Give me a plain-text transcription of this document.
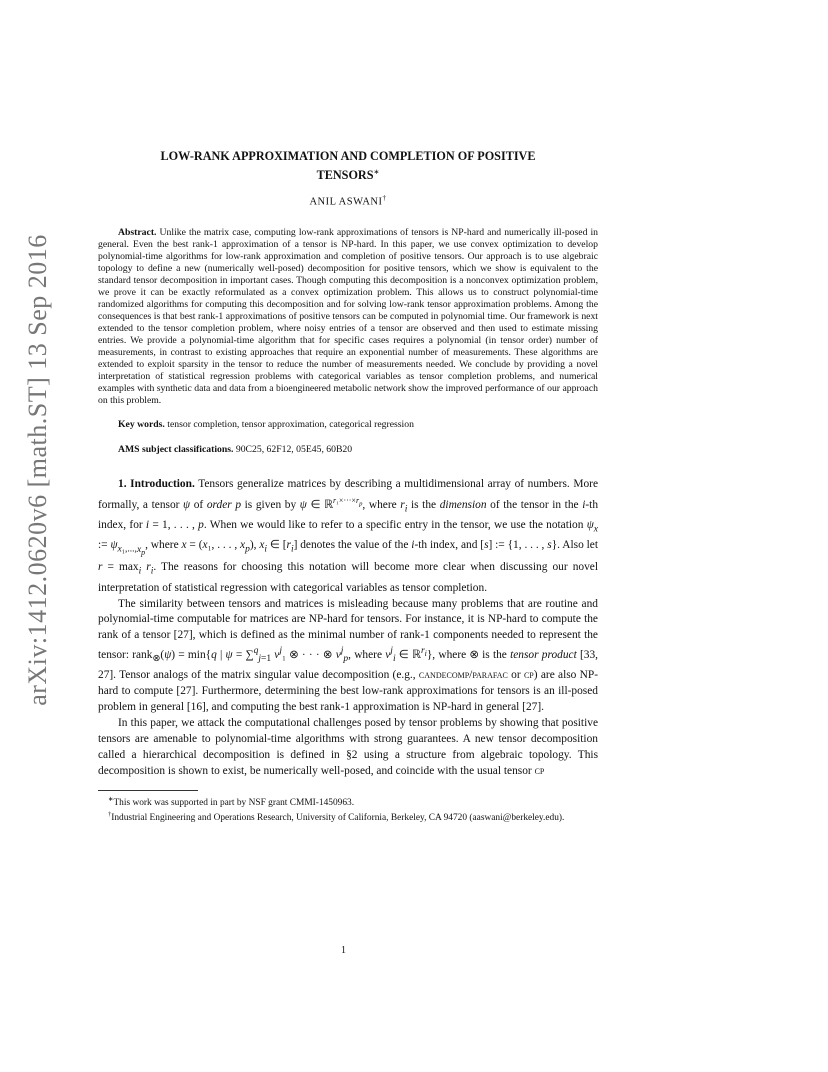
arXiv:1412.0620v6 [math.ST] 13 Sep 2016
LOW-RANK APPROXIMATION AND COMPLETION OF POSITIVE
TENSORS∗
ANIL ASWANI†
Abstract. Unlike the matrix case, computing low-rank approximations of tensors is NP-hard and numerically ill-posed in general. Even the best rank-1 approximation of a tensor is NP-hard. In this paper, we use convex optimization to develop polynomial-time algorithms for low-rank approximation and completion of positive tensors. Our approach is to use algebraic topology to define a new (numerically well-posed) decomposition for positive tensors, which we show is equivalent to the standard tensor decomposition in important cases. Though computing this decomposition is a nonconvex optimization problem, we prove it can be exactly reformulated as a convex optimization problem. This allows us to construct polynomial-time randomized algorithms for computing this decomposition and for solving low-rank tensor approximation problems. Among the consequences is that best rank-1 approximations of positive tensors can be computed in polynomial time. Our framework is next extended to the tensor completion problem, where noisy entries of a tensor are observed and then used to estimate missing entries. We provide a polynomial-time algorithm that for specific cases requires a polynomial (in tensor order) number of measurements, in contrast to existing approaches that require an exponential number of measurements. These algorithms are extended to exploit sparsity in the tensor to reduce the number of measurements needed. We conclude by providing a novel interpretation of statistical regression problems with categorical variables as tensor completion problems, and numerical examples with synthetic data and data from a bioengineered metabolic network show the improved performance of our approach on this problem.
Key words. tensor completion, tensor approximation, categorical regression
AMS subject classifications. 90C25, 62F12, 05E45, 60B20

1. Introduction. Tensors generalize matrices by describing a multidimensional array of numbers. More formally, a tensor ψ of order p is given by ψ ∈ ℝ$^{r_1\times\cdot\cdot\cdot\times r_p}$, where $r_i$ is the dimension of the tensor in the i-th index, for i = 1, . . . , p. When we would like to refer to a specific entry in the tensor, we use the notation $\psi_x$ := $\psi_{x_1,...,x_p}$, where x = (x₁, . . . , $x_p$), $x_i$ ∈ $[r_i]$ denotes the value of the i-th index, and [s] := {1, . . . , s}. Also let $r = \max_i r_i$. The reasons for choosing this notation will become more clear when discussing our novel interpretation of statistical regression with categorical variables as tensor completion.

The similarity between tensors and matrices is misleading because many problems that are routine and polynomial-time computable for matrices are NP-hard for tensors. For instance, it is NP-hard to compute the rank of a tensor [27], which is defined as the minimal number of rank-1 components needed to represent the tensor: rank$_\otimes$(ψ) = min{q | ψ = ∑$^q_{j=1}$ $v^j_1$ ⊗ · · · ⊗ $v^j_p$, where $v^j_i$ ∈ ℝ$^{r_i}$}, where ⊗ is the tensor product [33, 27]. Tensor analogs of the matrix singular value decomposition (e.g., candecomp/parafac or cp) are also NP-hard to compute [27]. Furthermore, determining the best low-rank approximations for tensors is an ill-posed problem in general [16], and computing the best rank-1 approximation is NP-hard in general [27].

In this paper, we attack the computational challenges posed by tensor problems by showing that positive tensors are amenable to polynomial-time algorithms with strong guarantees. A new tensor decomposition called a hierarchical decomposition is defined in §2 using a structure from algebraic topology. This decomposition is shown to exist, be numerically well-posed, and coincide with the usual tensor cp

∗This work was supported in part by NSF grant CMMI-1450963.
†Industrial Engineering and Operations Research, University of California, Berkeley, CA 94720 (aaswani@berkeley.edu).
1
